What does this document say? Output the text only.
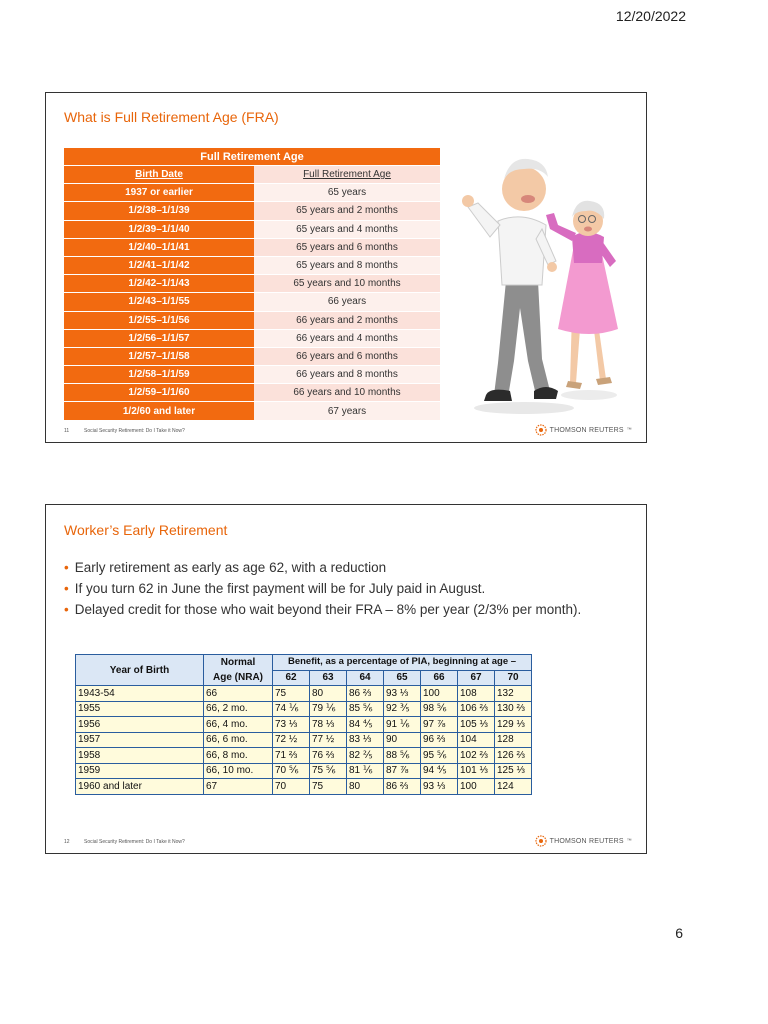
12/20/2022
What is Full Retirement Age (FRA)
Full Retirement Age	
Birth Date	Full Retirement Age
1937 or earlier	65 years
1/2/38–1/1/39	65 years and 2 months
1/2/39–1/1/40	65 years and 4 months
1/2/40–1/1/41	65 years and 6 months
1/2/41–1/1/42	65 years and 8 months
1/2/42–1/1/43	65 years and 10 months
1/2/43–1/1/55	66 years
1/2/55–1/1/56	66 years and 2 months
1/2/56–1/1/57	66 years and 4 months
1/2/57–1/1/58	66 years and 6 months
1/2/58–1/1/59	66 years and 8 months
1/2/59–1/1/60	66 years and 10 months
1/2/60 and later	67 years
11	Social Security Retirement: Do I Take it Now?	THOMSON REUTERS ™
Worker’s Early Retirement
• Early retirement as early as age 62, with a reduction
• If you turn 62 in June the first payment will be for July paid in August.
• Delayed credit for those who wait beyond their FRA – 8% per year (2/3% per month).
Year of Birth	Normal	Benefit, as a percentage of PIA, beginning at age –						
	Age (NRA)	62	63	64	65	66	67	70
1943-54	66	75	80	86 ⅔	93 ⅓	100	108	132
1955	66, 2 mo.	74 ⅙	79 ⅙	85 ⅚	92 ⅗	98 ⅚	106 ⅔	130 ⅔
1956	66, 4 mo.	73 ⅓	78 ⅓	84 ⅘	91 ⅙	97 ⅞	105 ⅓	129 ⅓
1957	66, 6 mo.	72 ½	77 ½	83 ⅓	90	96 ⅔	104	128
1958	66, 8 mo.	71 ⅔	76 ⅔	82 ⅖	88 ⅚	95 ⅚	102 ⅔	126 ⅔
1959	66, 10 mo.	70 ⅚	75 ⅚	81 ⅙	87 ⅞	94 ⅘	101 ⅓	125 ⅓
1960 and later	67	70	75	80	86 ⅔	93 ⅓	100	124
12	Social Security Retirement: Do I Take it Now?	THOMSON REUTERS ™
6
